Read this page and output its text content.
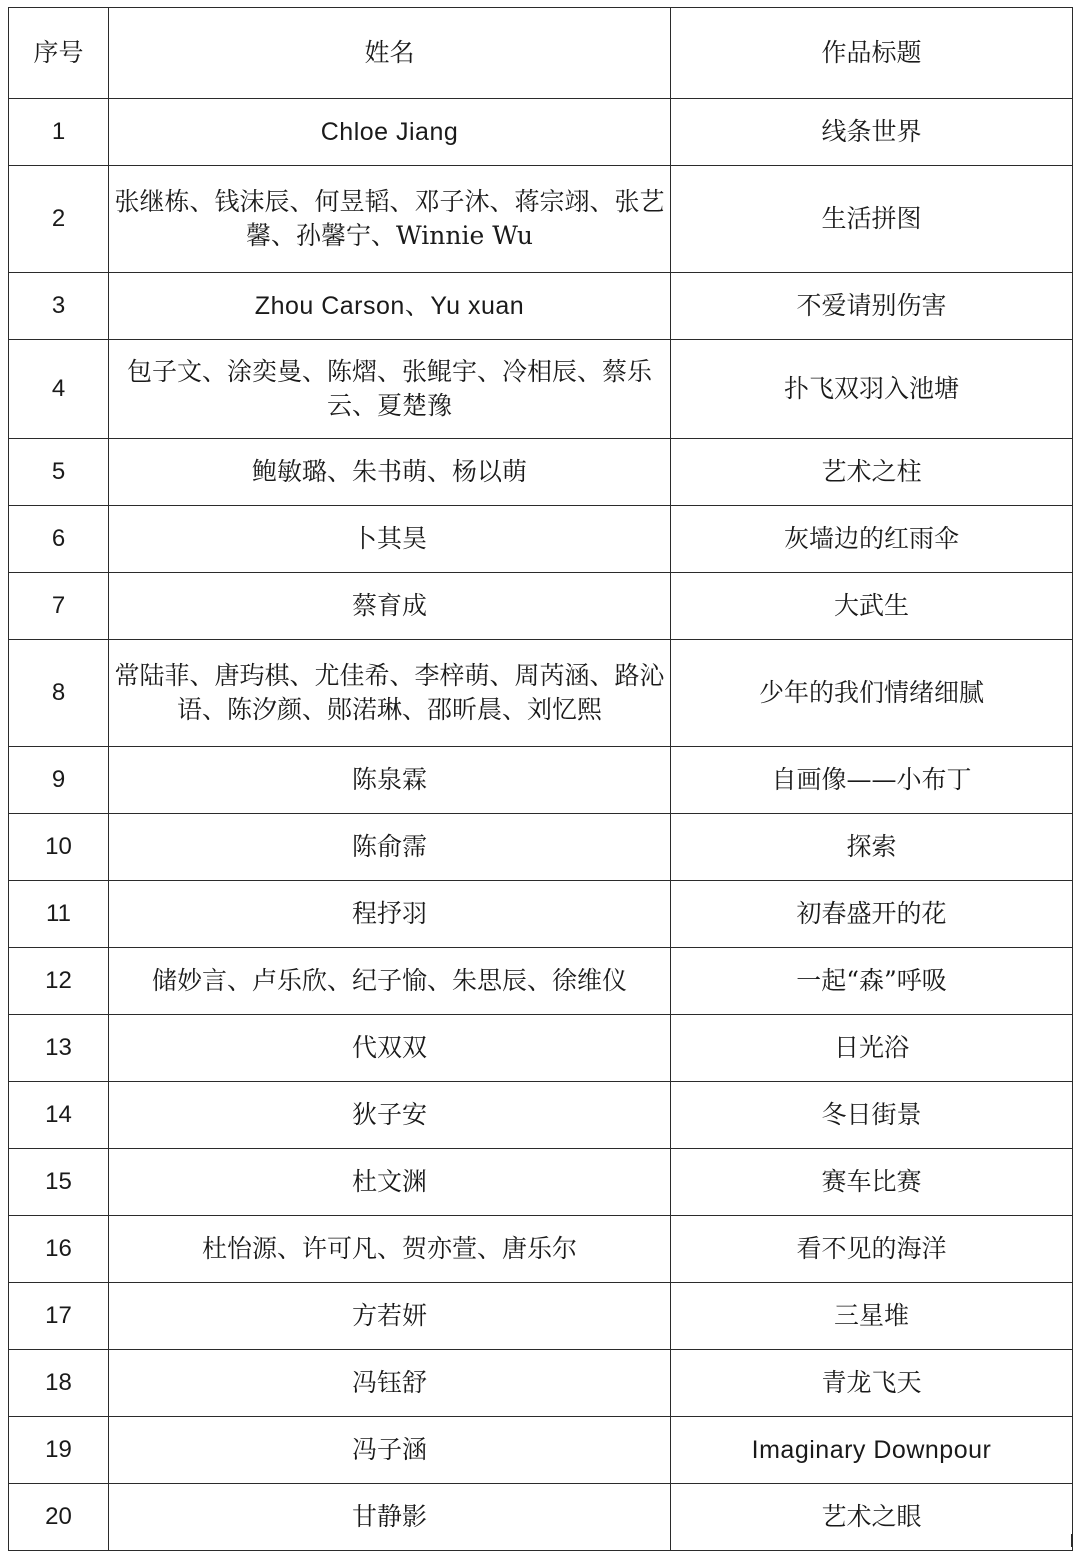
序号	姓名	作品标题
1	Chloe Jiang	线条世界
2	张继栋、钱沫辰、何昱韬、邓子沐、蒋宗翊、张艺馨、孙馨宁、Winnie Wu	生活拼图
3	Zhou Carson、Yu xuan	不爱请别伤害
4	包子文、涂奕曼、陈熠、张鲲宇、冷相辰、蔡乐云、夏楚豫	扑飞双羽入池塘
5	鲍敏璐、朱书萌、杨以萌	艺术之柱
6	卜其昊	灰墙边的红雨伞
7	蔡育成	大武生
8	常陆菲、唐玙棋、尤佳希、李梓萌、周芮涵、路沁语、陈汐颜、郧渃琳、邵昕晨、刘忆熙	少年的我们情绪细腻
9	陈泉霖	自画像——小布丁
10	陈俞霈	探索
11	程抒羽	初春盛开的花
12	储妙言、卢乐欣、纪子愉、朱思辰、徐维仪	一起“森”呼吸
13	代双双	日光浴
14	狄子安	冬日街景
15	杜文渊	赛车比赛
16	杜怡源、许可凡、贺亦萱、唐乐尔	看不见的海洋
17	方若妍	三星堆
18	冯钰舒	青龙飞天
19	冯子涵	Imaginary Downpour
20	甘静影	艺术之眼
